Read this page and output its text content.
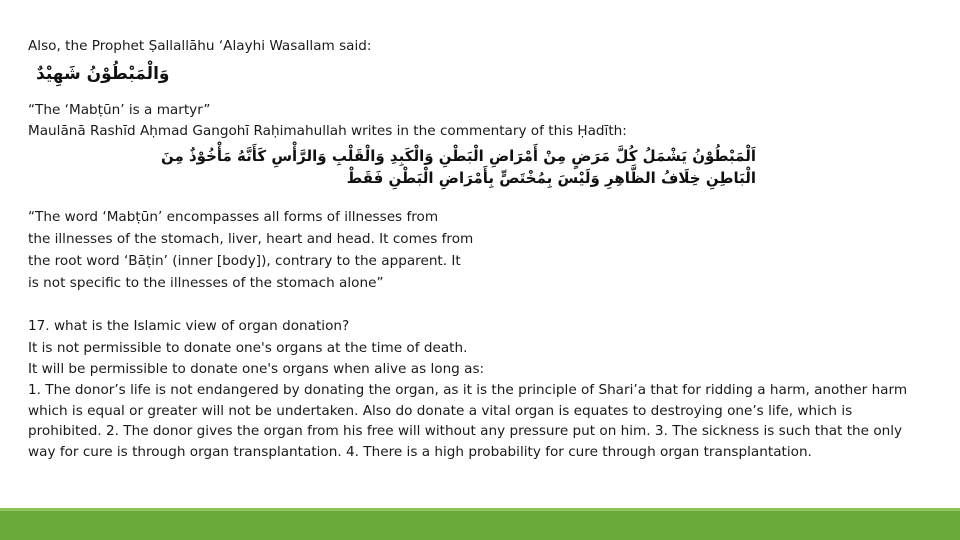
Also, the Prophet Ṣallallāhu ‘Alayhi Wasallam said:
وَالْمَبْطُوْنُ شَهِيْدٌ
“The ‘Mabṭūn’ is a martyr”
Maulānā Rashīd Aḥmad Gangohī Raḥimahullah writes in the commentary of this Ḥadīth:
اَلْمَبْطُوْنُ يَشْمَلُ كُلَّ مَرَضٍ مِنْ أَمْرَاضِ الْبَطْنِ وَالْكَبِدِ وَالْقَلْبِ وَالرَّأْسِ كَأَنَّهُ مَأْخُوْذٌ مِنَ
الْبَاطِنِ خِلَافُ الظَّاهِرِ وَلَيْسَ بِمُخْتَصٍّ بِأَمْرَاضِ الْبَطْنِ فَقَطْ
“The word ‘Mabṭūn’ encompasses all forms of illnesses from
the illnesses of the stomach, liver, heart and head. It comes from
the root word ‘Bāṭin’ (inner [body]), contrary to the apparent. It
is not specific to the illnesses of the stomach alone”
17. what is the Islamic view of organ donation?
It is not permissible to donate one's organs at the time of death.
It will be permissible to donate one's organs when alive as long as:
1. The donor’s life is not endangered by donating the organ, as it is the principle of Shari’a that for ridding a harm, another harm which is equal or greater will not be undertaken. Also do donate a vital organ is equates to destroying one’s life, which is prohibited. 2. The donor gives the organ from his free will without any pressure put on him. 3. The sickness is such that the only way for cure is through organ transplantation. 4. There is a high probability for cure through organ transplantation.
